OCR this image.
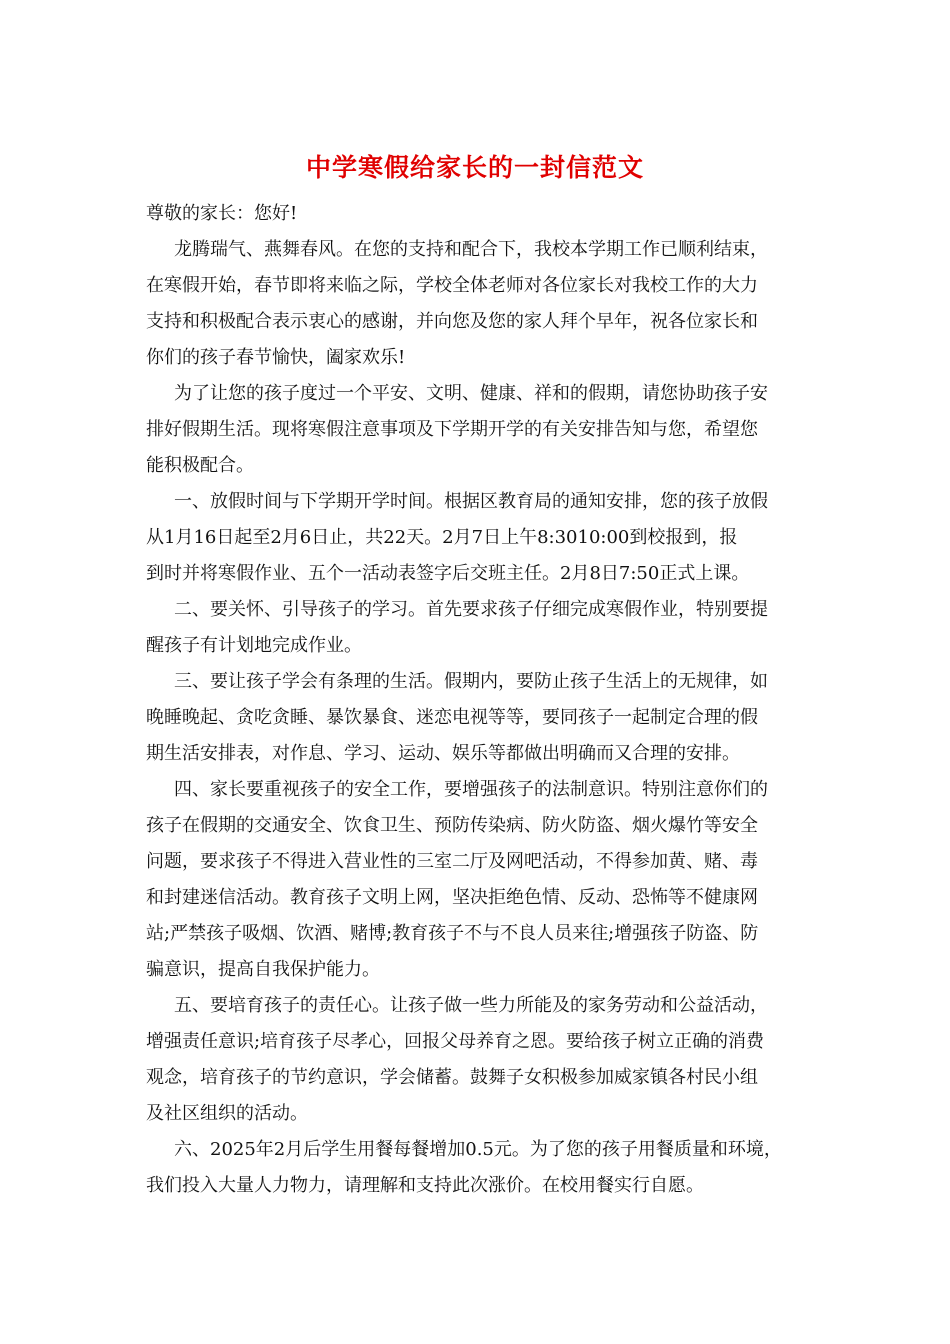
中学寒假给家长的一封信范文
尊敬的家长：您好!
龙腾瑞气、燕舞春风。在您的支持和配合下，我校本学期工作已顺利结束，
在寒假开始，春节即将来临之际，学校全体老师对各位家长对我校工作的大力
支持和积极配合表示衷心的感谢，并向您及您的家人拜个早年，祝各位家长和
你们的孩子春节愉快，阖家欢乐!
为了让您的孩子度过一个平安、文明、健康、祥和的假期，请您协助孩子安
排好假期生活。现将寒假注意事项及下学期开学的有关安排告知与您，希望您
能积极配合。
一、放假时间与下学期开学时间。根据区教育局的通知安排，您的孩子放假
从1月16日起至2月6日止，共22天。2月7日上午8:3010:00到校报到，报
到时并将寒假作业、五个一活动表签字后交班主任。2月8日7:50正式上课。
二、要关怀、引导孩子的学习。首先要求孩子仔细完成寒假作业，特别要提
醒孩子有计划地完成作业。
三、要让孩子学会有条理的生活。假期内，要防止孩子生活上的无规律，如
晚睡晚起、贪吃贪睡、暴饮暴食、迷恋电视等等，要同孩子一起制定合理的假
期生活安排表，对作息、学习、运动、娱乐等都做出明确而又合理的安排。
四、家长要重视孩子的安全工作，要增强孩子的法制意识。特别注意你们的
孩子在假期的交通安全、饮食卫生、预防传染病、防火防盗、烟火爆竹等安全
问题，要求孩子不得进入营业性的三室二厅及网吧活动，不得参加黄、赌、毒
和封建迷信活动。教育孩子文明上网，坚决拒绝色情、反动、恐怖等不健康网
站;严禁孩子吸烟、饮酒、赌博;教育孩子不与不良人员来往;增强孩子防盗、防
骗意识，提高自我保护能力。
五、要培育孩子的责任心。让孩子做一些力所能及的家务劳动和公益活动，
增强责任意识;培育孩子尽孝心，回报父母养育之恩。要给孩子树立正确的消费
观念，培育孩子的节约意识，学会储蓄。鼓舞子女积极参加威家镇各村民小组
及社区组织的活动。
六、2025年2月后学生用餐每餐增加0.5元。为了您的孩子用餐质量和环境，
我们投入大量人力物力，请理解和支持此次涨价。在校用餐实行自愿。
